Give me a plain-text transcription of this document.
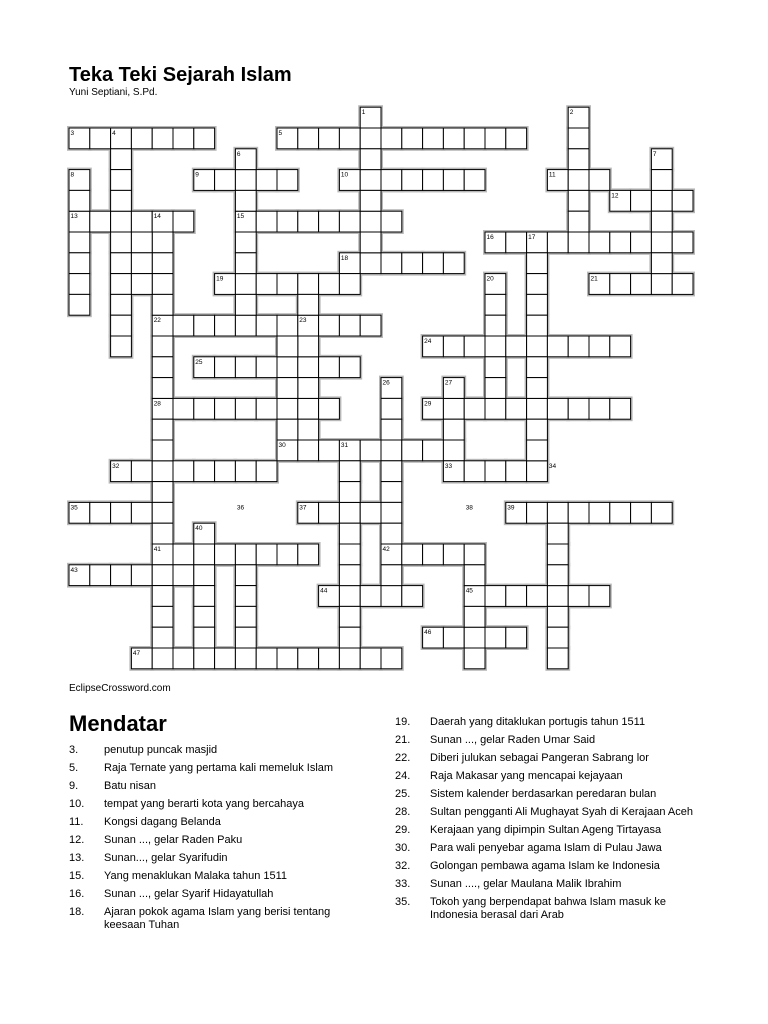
Teka Teki Sejarah Islam
Yuni Septiani, S.Pd.
1	2
3	4	5
6	7
8	9	10	11
12
13	14	15
16	17
18
19	20	21
22	23
24
25
26	27
28	29
30	31
32	33	34
35	36	37	38	39
40
41	42
43
44	45
46
47
EclipseCrossword.com
Mendatar
3.	penutup puncak masjid
5.	Raja Ternate yang pertama kali memeluk Islam
9.	Batu nisan
10.	tempat yang berarti kota yang bercahaya
11.	Kongsi dagang Belanda
12.	Sunan ..., gelar Raden Paku
13.	Sunan..., gelar Syarifudin
15.	Yang menaklukan Malaka tahun 1511
16.	Sunan ..., gelar Syarif Hidayatullah
18.	Ajaran pokok agama Islam yang berisi tentang keesaan Tuhan
19.	Daerah yang ditaklukan portugis tahun 1511
21.	Sunan ..., gelar Raden Umar Said
22.	Diberi julukan sebagai Pangeran Sabrang lor
24.	Raja Makasar yang mencapai kejayaan
25.	Sistem kalender berdasarkan peredaran bulan
28.	Sultan pengganti Ali Mughayat Syah di Kerajaan Aceh
29.	Kerajaan yang dipimpin Sultan Ageng Tirtayasa
30.	Para wali penyebar agama Islam di Pulau Jawa
32.	Golongan pembawa agama Islam ke Indonesia
33.	Sunan ...., gelar Maulana Malik Ibrahim
35.	Tokoh yang berpendapat bahwa Islam masuk ke Indonesia berasal dari Arab
